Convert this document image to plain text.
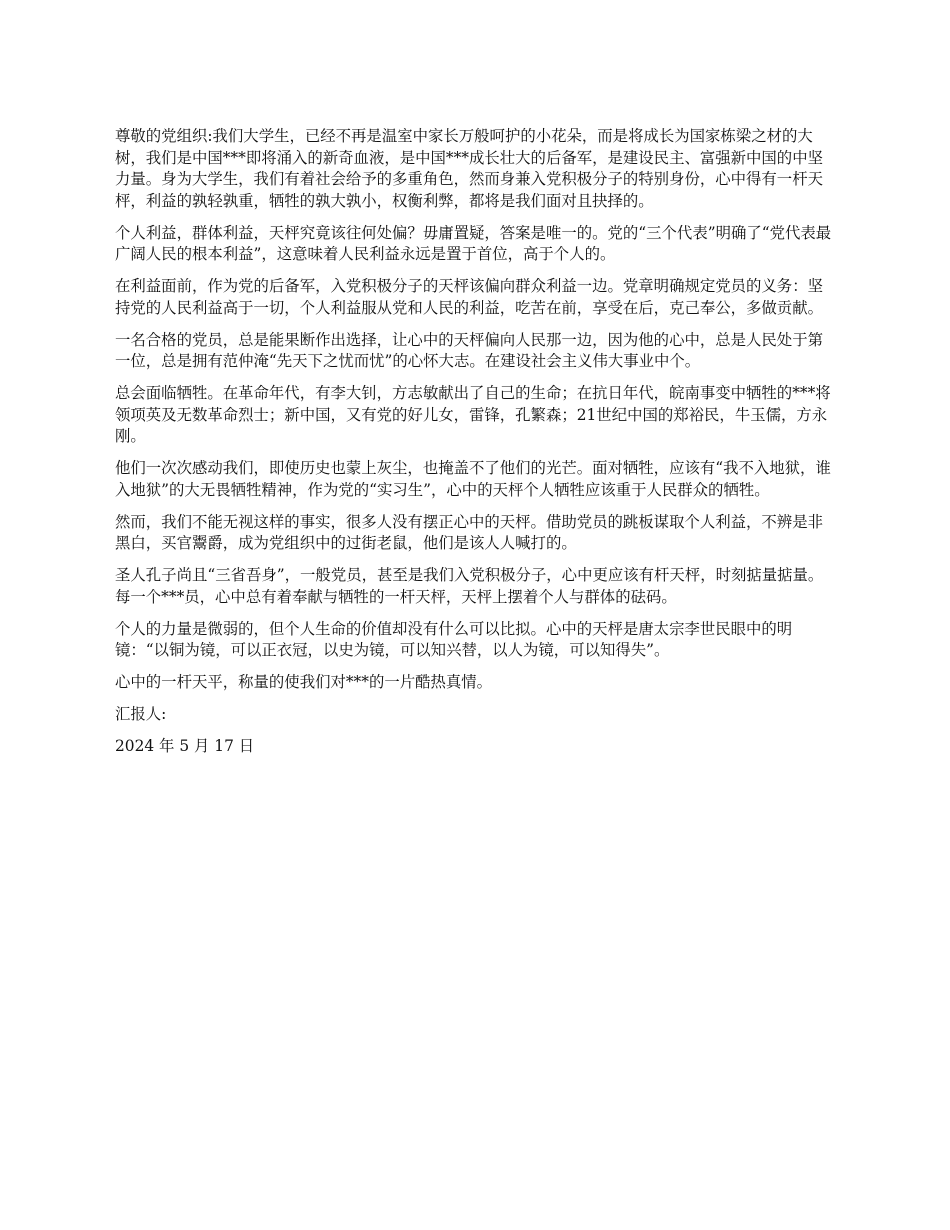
尊敬的党组织:我们大学生，已经不再是温室中家长万般呵护的小花朵，而是将成长为国家栋梁之材的大树，我们是中国***即将涌入的新奇血液，是中国***成长壮大的后备军，是建设民主、富强新中国的中坚力量。身为大学生，我们有着社会给予的多重角色，然而身兼入党积极分子的特别身份，心中得有一杆天枰，利益的孰轻孰重，牺牲的孰大孰小，权衡利弊，都将是我们面对且抉择的。

个人利益，群体利益，天枰究竟该往何处偏？毋庸置疑，答案是唯一的。党的“三个代表”明确了“党代表最广阔人民的根本利益”，这意味着人民利益永远是置于首位，高于个人的。

在利益面前，作为党的后备军，入党积极分子的天枰该偏向群众利益一边。党章明确规定党员的义务：坚持党的人民利益高于一切，个人利益服从党和人民的利益，吃苦在前，享受在后，克己奉公，多做贡献。

一名合格的党员，总是能果断作出选择，让心中的天枰偏向人民那一边，因为他的心中，总是人民处于第一位，总是拥有范仲淹“先天下之忧而忧”的心怀大志。在建设社会主义伟大事业中个。

总会面临牺牲。在革命年代，有李大钊，方志敏献出了自己的生命；在抗日年代，皖南事变中牺牲的***将领项英及无数革命烈士；新中国，又有党的好儿女，雷锋，孔繁森；21世纪中国的郑裕民，牛玉儒，方永刚。

他们一次次感动我们，即使历史也蒙上灰尘，也掩盖不了他们的光芒。面对牺牲，应该有“我不入地狱，谁入地狱”的大无畏牺牲精神，作为党的“实习生”，心中的天枰个人牺牲应该重于人民群众的牺牲。

然而，我们不能无视这样的事实，很多人没有摆正心中的天枰。借助党员的跳板谋取个人利益，不辨是非黑白，买官鬻爵，成为党组织中的过街老鼠，他们是该人人喊打的。

圣人孔子尚且“三省吾身”，一般党员，甚至是我们入党积极分子，心中更应该有杆天枰，时刻掂量掂量。每一个***员，心中总有着奉献与牺牲的一杆天枰，天枰上摆着个人与群体的砝码。

个人的力量是微弱的，但个人生命的价值却没有什么可以比拟。心中的天枰是唐太宗李世民眼中的明镜：“以铜为镜，可以正衣冠，以史为镜，可以知兴替，以人为镜，可以知得失”。

心中的一杆天平，称量的使我们对***的一片酷热真情。

汇报人:

2024 年 5 月 17 日
